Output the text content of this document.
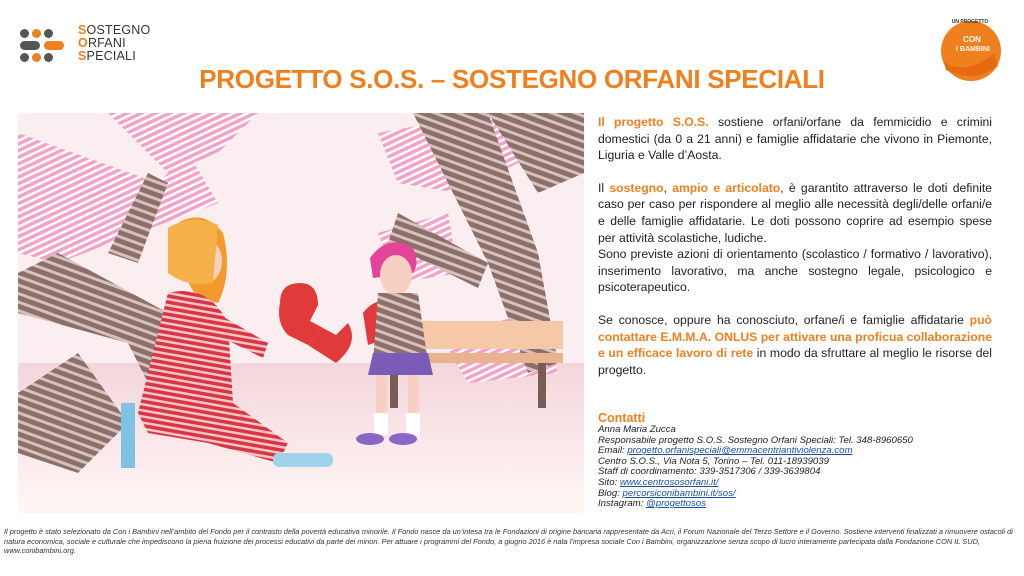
SOSTEGNO
ORFANI
SPECIALI
UN PROGETTO
CON
I BAMBINI
PROGETTO S.O.S. – SOSTEGNO ORFANI SPECIALI

Il progetto S.O.S. sostiene orfani/orfane da femmicidio e crimini domestici (da 0 a 21 anni) e famiglie affidatarie che vivono in Piemonte, Liguria e Valle d’Aosta.

Il sostegno, ampio e articolato, è garantito attraverso le doti definite caso per caso per rispondere al meglio alle necessità degli/delle orfani/e e delle famiglie affidatarie. Le doti possono coprire ad esempio spese per attività scolastiche, ludiche.

Sono previste azioni di orientamento (scolastico / formativo / lavorativo), inserimento lavorativo, ma anche sostegno legale, psicologico e psicoterapeutico.

Se conosce, oppure ha conosciuto, orfane/i e famiglie affidatarie può contattare E.M.M.A. ONLUS per attivare una proficua collaborazione e un efficace lavoro di rete in modo da sfruttare al meglio le risorse del progetto.

Contatti
Anna Maria Zucca
Responsabile progetto S.O.S. Sostegno Orfani Speciali: Tel. 348-8960650
Email: progetto.orfanispeciali@emmacentriantiviolenza.com
Centro S.O.S., Via Nota 5, Torino – Tel. 011-18939039
Staff di coordinamento: 339-3517306 / 339-3639804
Sito: www.centrososorfani.it/
Blog: percorsiconibambini.it/sos/
Instagram: @progettosos
Il progetto è stato selezionato da Con i Bambini nell’ambito del Fondo per il contrasto della povertà educativa minorile. Il Fondo nasce da un’intesa tra le Fondazioni di origine bancaria rappresentate da Acri, il Forum Nazionale del Terzo Settore e il Governo. Sostiene interventi finalizzati a rimuovere ostacoli di natura economica, sociale e culturale che impediscono la piena fruizione dei processi educativi da parte dei minori. Per attuare i programmi del Fondo, a giugno 2016 è nata l’impresa sociale Con i Bambini, organizzazione senza scopo di lucro interamente partecipata dalla Fondazione CON IL SUD, www.conibambini.org.
